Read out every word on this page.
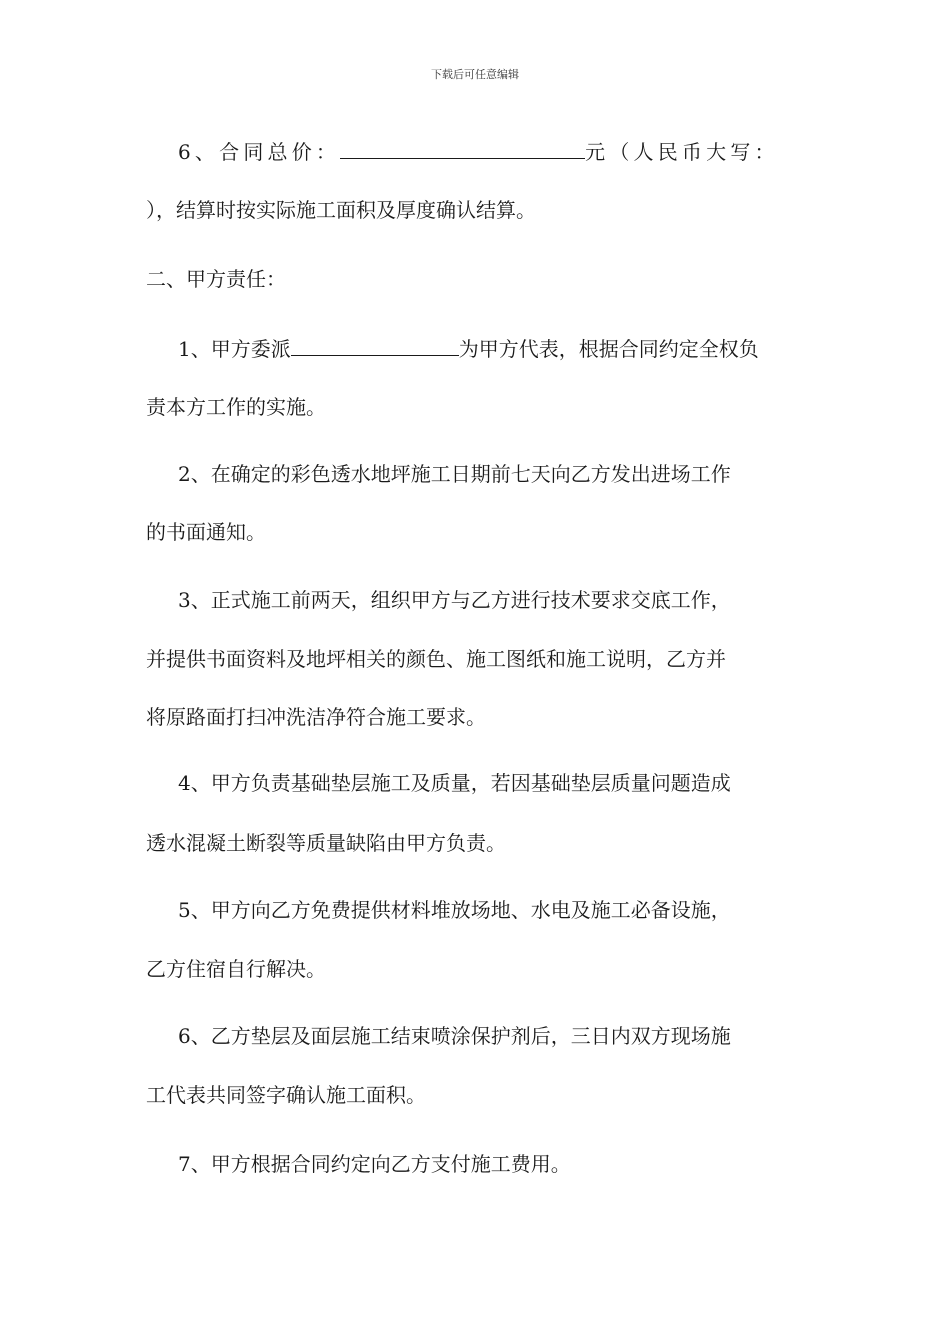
下载后可任意编辑
6、合同总价：	元（人民币大写：
），结算时按实际施工面积及厚度确认结算。
二、甲方责任：
1、甲方委派	为甲方代表，根据合同约定全权负
责本方工作的实施。
2、在确定的彩色透水地坪施工日期前七天向乙方发出进场工作
的书面通知。
3、正式施工前两天，组织甲方与乙方进行技术要求交底工作，
并提供书面资料及地坪相关的颜色、施工图纸和施工说明，乙方并
将原路面打扫冲洗洁净符合施工要求。
4、甲方负责基础垫层施工及质量，若因基础垫层质量问题造成
透水混凝土断裂等质量缺陷由甲方负责。
5、甲方向乙方免费提供材料堆放场地、水电及施工必备设施，
乙方住宿自行解决。
6、乙方垫层及面层施工结束喷涂保护剂后，三日内双方现场施
工代表共同签字确认施工面积。
7、甲方根据合同约定向乙方支付施工费用。
